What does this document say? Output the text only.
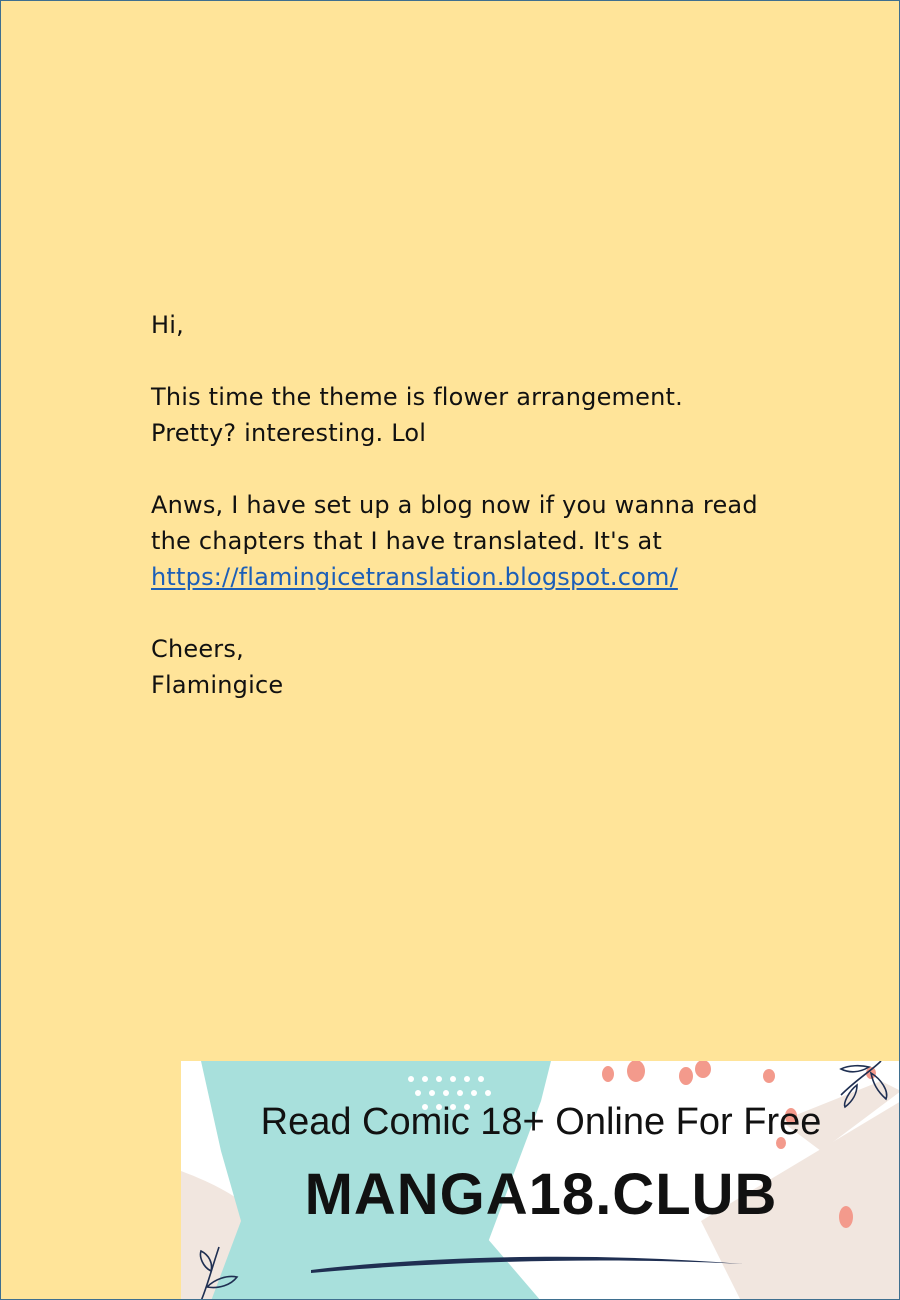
Hi,

This time the theme is flower arrangement.

Pretty? interesting. Lol

Anws, I have set up a blog now if you wanna read

the chapters that I have translated. It's at

https://flamingicetranslation.blogspot.com/

Cheers,

Flamingice

Read Comic 18+ Online For Free
MANGA18.CLUB
